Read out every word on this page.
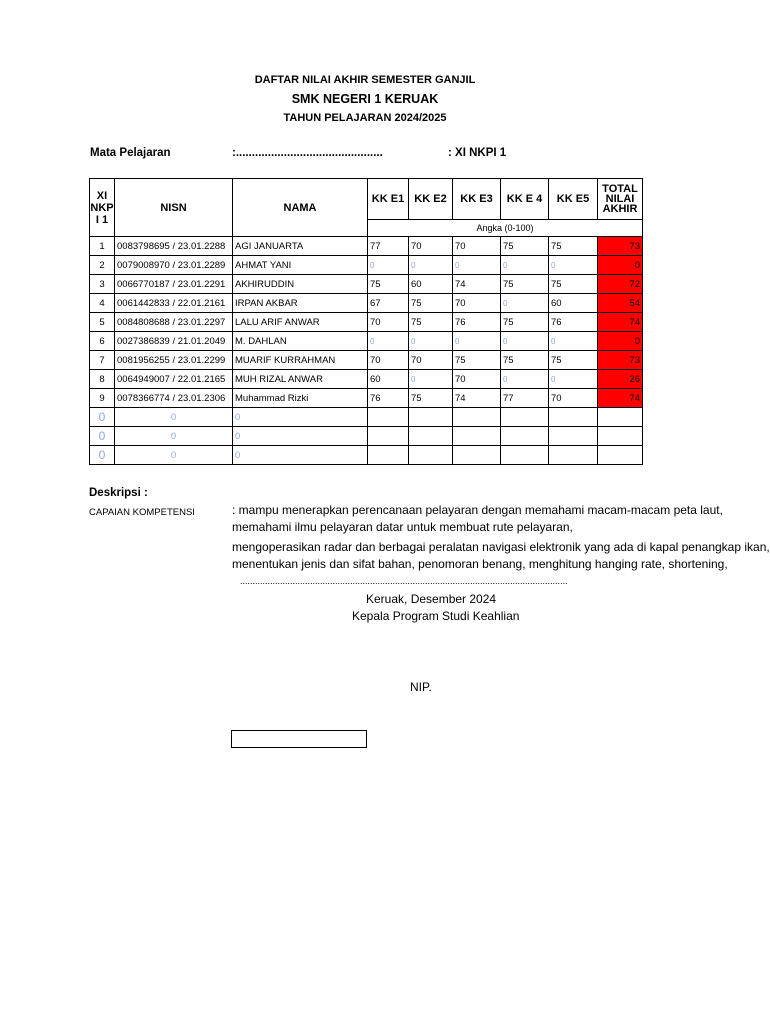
DAFTAR NILAI AKHIR SEMESTER GANJIL
SMK NEGERI 1 KERUAK
TAHUN PELAJARAN 2024/2025
Mata Pelajaran	:..............................................	: XI NKPI 1
XI
NKP
I 1	NISN	NAMA	KK E1	KK E2	KK E3	KK E 4	KK E5	TOTAL
NILAI
AKHIR
			Angka (0-100)					
1	0083798695 / 23.01.2288	AGI JANUARTA	77	70	70	75	75	73
2	0079008970 / 23.01.2289	AHMAT YANI	0	0	0	0	0	0
3	0066770187 / 23.01.2291	AKHIRUDDIN	75	60	74	75	75	72
4	0061442833 / 22.01.2161	IRPAN AKBAR	67	75	70	0	60	54
5	0084808688 / 23.01.2297	LALU ARIF ANWAR	70	75	76	75	76	74
6	0027386839 / 21.01.2049	M. DAHLAN	0	0	0	0	0	0
7	0081956255 / 23.01.2299	MUARIF KURRAHMAN	70	70	75	75	75	73
8	0064949007 / 22.01.2165	MUH RIZAL ANWAR	60	0	70	0	0	26
9	0078366774 / 23.01.2306	Muhammad Rizki	76	75	74	77	70	74
0	0	0						
0	0	0						
0	0	0						
Deskripsi :
CAPAIAN KOMPETENSI	: mampu menerapkan perencanaan pelayaran dengan memahami macam-macam peta laut,
memahami ilmu pelayaran datar untuk membuat rute pelayaran,
mengoperasikan radar dan berbagai peralatan navigasi elektronik yang ada di kapal penangkap ikan,
menentukan jenis dan sifat bahan, penomoran benang, menghitung hanging rate, shortening,
...................................................................................................................................
Keruak, Desember 2024
Kepala Program Studi Keahlian
NIP.
